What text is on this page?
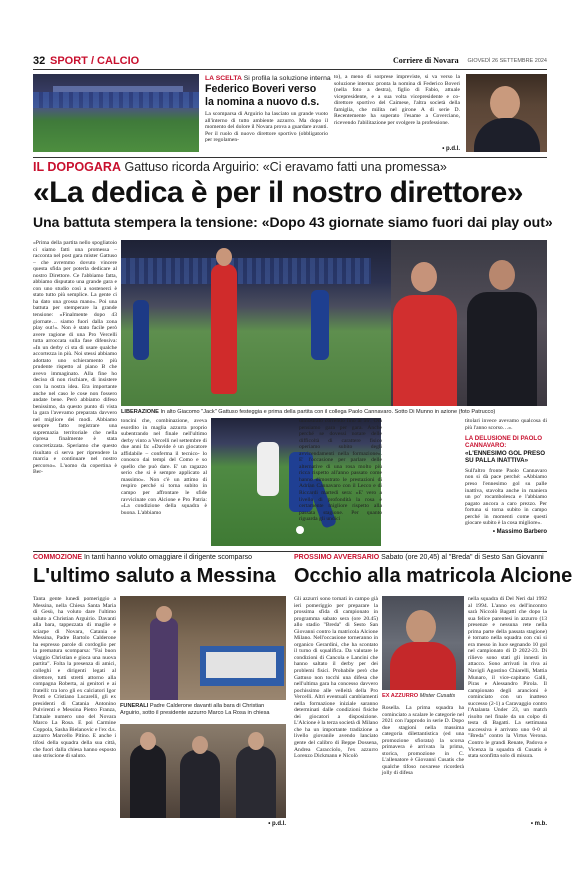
32 SPORT / CALCIO	Corriere di Novara GIOVEDÌ 26 SETTEMBRE 2024
LA SCELTA Si profila la soluzione interna
Federico Boveri verso la nomina a nuovo d.s.
La scomparsa di Arguirio ha lasciato un grande vuoto all'interno di tutto ambiente azzurro. Ma dopo il momento del dolore il Novara prova a guardare avanti. Per il ruolo di nuovo direttore sportivo (obbligatorio per regolamen-
to), a meno di sorprese impreviste, si va verso la soluzione interna: pronta la nomina di Federico Boveri (nella foto a destra), figlio di Fabio, attuale vicepresidente, e a sua volta vicepresidente e co-direttore sportivo del Caimese, l'altra società della famiglia, che milita nel girone A di serie D. Recentemente ha superato l'esame a Coverciano, ricevendo l'abilitazione per svolgere la professione.
• p.d.l.
IL DOPOGARA Gattuso ricorda Arguirio: «Ci eravamo fatti una promessa»
«La dedica è per il nostro direttore»
Una battuta stempera la tensione: «Dopo 43 giornate siamo fuori dai play out»
«Prima della partita nello spogliatoio ci siamo fatti una promessa – racconta nel post gara mister Gattuso – che avremmo dovuto vincere questa sfida per poterla dedicare al nostro Direttore. Ce l'abbiamo fatta, abbiamo disputato una grande gara e con uno studio così a sostenerci è stato tutto più semplice. La gente ci ha dato una grossa mano». Poi una battuta per stemperare la grande tensione: «Finalmente dopo 43 giornate… siamo fuori dalla zona play out!». Non è stato facile però avere ragione di una Pro Vercelli tutta arroccata sulla fase difensiva: «In un derby ci sta di usare qualche accortezza in più. Noi stessi abbiamo adottato uno schieramento più prudente rispetto al piano B che avevo immaginato. Alla fine ho deciso di non rischiare, di insistere con la nostra idea. Era importante anche nel caso le cose non fossero andate bene. Però abbiamo difeso benissimo, da questo punto di vista la gara l'avevamo preparata davvero nel migliore dei modi. Abbiamo sempre fatto registrare una supremazia territoriale che nella ripresa finalmente è stata concretizzata. Speriamo che questo risultato ci serva per riprendere la marcia e continuare nel nostro percorso». L'uomo da copertina è Ber-
LIBERAZIONE In alto Giacomo "Jack" Gattuso festeggia e prima della partita con il collega Paolo Cannavaro. Sotto Di Munno in azione (foto Patrucco)
toncini che, combinazione, aveva esordito in maglia azzurra proprio subentrando nel finale nell'ultimo derby vinto a Vercelli nel settembre di due anni fa: «Davide è un giocatore affidabile – conferma il tecnico- lo conosco dai tempi del Como e so quello che può dare. E' un ragazzo serio che si è sempre applicato al massimo». Non c'è un attimo di respiro perché si torna subito in campo per affrontare le sfide ravvicinate con Alcione e Pro Patria: «La condizione della squadra è buona. L'abbiamo
dimostrato correndo fino al 95'. Ora pensiamo gara per gara. Anche perché se dovessi notare delle difficoltà di carattere fisico operiamo subito degli avvicendamenti nella formazione». E' l'occasione per parlare delle alternative di una rosa molto più ricca rispetto all'anno passato come hanno dimostrato le prestazioni di Adrian Cannavaro con il Lecco e di Riccardi martedì sera: «E' vero a livello di profondità la rosa è certamente migliore rispetto alla passata stagione. Per quanto riguarda gli undici
titolari invece avevamo qualcosa di più l'anno scorso…».
LA DELUSIONE DI PAOLO CANNAVARO: «L'ENNESIMO GOL PRESO SU PALLA INATTIVA»
Sull'altro fronte Paolo Cannavaro non si dà pace perché: «Abbiamo preso l'ennesimo gol su palle inattiva, stavolta anche in maniera un po' rocambolesca e l'abbiamo pagato ancora a caro prezzo. Per fortuna si torna subito in campo perché in momenti come questi giocare subito è la cosa migliore».
• Massimo Barbero
COMMOZIONE In tanti hanno voluto omaggiare il dirigente scomparso
L'ultimo saluto a Messina
Tanta gente lunedì pomeriggio a Messina, nella Chiesa Santa Maria di Gesù, ha voluto dare l'ultimo saluto a Christian Arguirio. Davanti alla bara, tappezzata di maglie e sciarpe di Novara, Catania e Messina, Padre Bartolo Calderone ha espresso parole di cordoglio per la prematura scomparsa: "Fai buon viaggio Christian e gioca una nuova partita". Folta la presenza di amici, colleghi e dirigenti legati al direttore, tutti stretti attorno alla compagna Roberta, ai genitori e ai fratelli: tra loro gli ex calciatori Igor Protti e Cristiano Lucarelli, gli ex presidenti di Catania Antonino Pulvirenti e Messina Pietro Franza, l'attuale numero uno del Novara Marco La Rosa. E poi Carmine Coppola, Sasha Bielanovic e l'ex d.s. azzurro Marcello Pitino. E anche i tifosi della squadra della sua città, che fuori dalla chiesa hanno esposto uno striscione di saluto.
FUNERALI Padre Calderone davanti alla bara di Christian Arguirio, sotto il presidente azzurro Marco La Rosa in chiesa
• p.d.l.
PROSSIMO AVVERSARIO Sabato (ore 20,45) al "Breda" di Sesto San Giovanni
Occhio alla matricola Alcione
Gli azzurri sono tornati in campo già ieri pomeriggio per preparare la prossima sfida di campionato in programma sabato sera (ore 20.45) allo stadio "Breda" di Sesto San Giovanni contro la matricola Alcione Milano. Nell'occasione torneranno in organico Gerardini, che ha scontato il turno di squalifica. Da valutare le condizioni di Cancola e Lancini che hanno saltato il derby per dei problemi fisici. Probabile però che Gattuso non tocchi una difesa che nell'ultima gara ha concesso davvero pochissimo alle velleità della Pro Vercelli. Altri eventuali cambiamenti nella formazione iniziale saranno determinati dalle condizioni fisiche dei giocatori a disposizione. L'Alcione è la terza società di Milano che ha un importante tradizione a livello giovanile avendo lanciato gente del calibro di Beppe Dossena, Andrea Caracciolo, l'ex azzurro Lorenzo Dickmann e Nicolò
EX AZZURRO Mister Cusatis
Rosella. La prima squadra ha cominciato a scalare le categorie nel 2021 con l'approdo in serie D. Dopo due stagioni nella massima categoria dilettantistica (ed una promozione sfiorata) la scorsa primavera è arrivata la prima, storica, promozione in C. L'allenatore è Giovanni Cusatis che qualche tifoso novarese ricorderà jolly di difesa
nella squadra di Del Neri dal 1992 al 1994. L'anno ex dell'incontro sarà Niccolò Bagatti che dopo la sua felice parentesi in azzurro (13 presenze e nessuna rete nella prima parte della passata stagione) è tornato nella squadra con cui si era messo in luce segnando 10 gol nel campionato di D 2022-23. Di rilievo sono stati gli innesti in attacco. Sono arrivati in riva ai Navigli Agostino Chiarelli, Mattia Munaro, il vice-capitano Galli, Piras e Alessandro Pirola. Il campionato degli arancioni è cominciato con un inatteso successo (2-1) a Caravaggio contro l'Atalanta Under 23, un match risolto nel finale da un colpo di testa di Bagatti. La settimana successiva è arrivato uno 0-0 al "Breda" contro la Virtus Verona. Contro le grandi Renate, Padova e Vicenza la squadra di Cusatis è stata sconfitta solo di misura.
• m.b.
